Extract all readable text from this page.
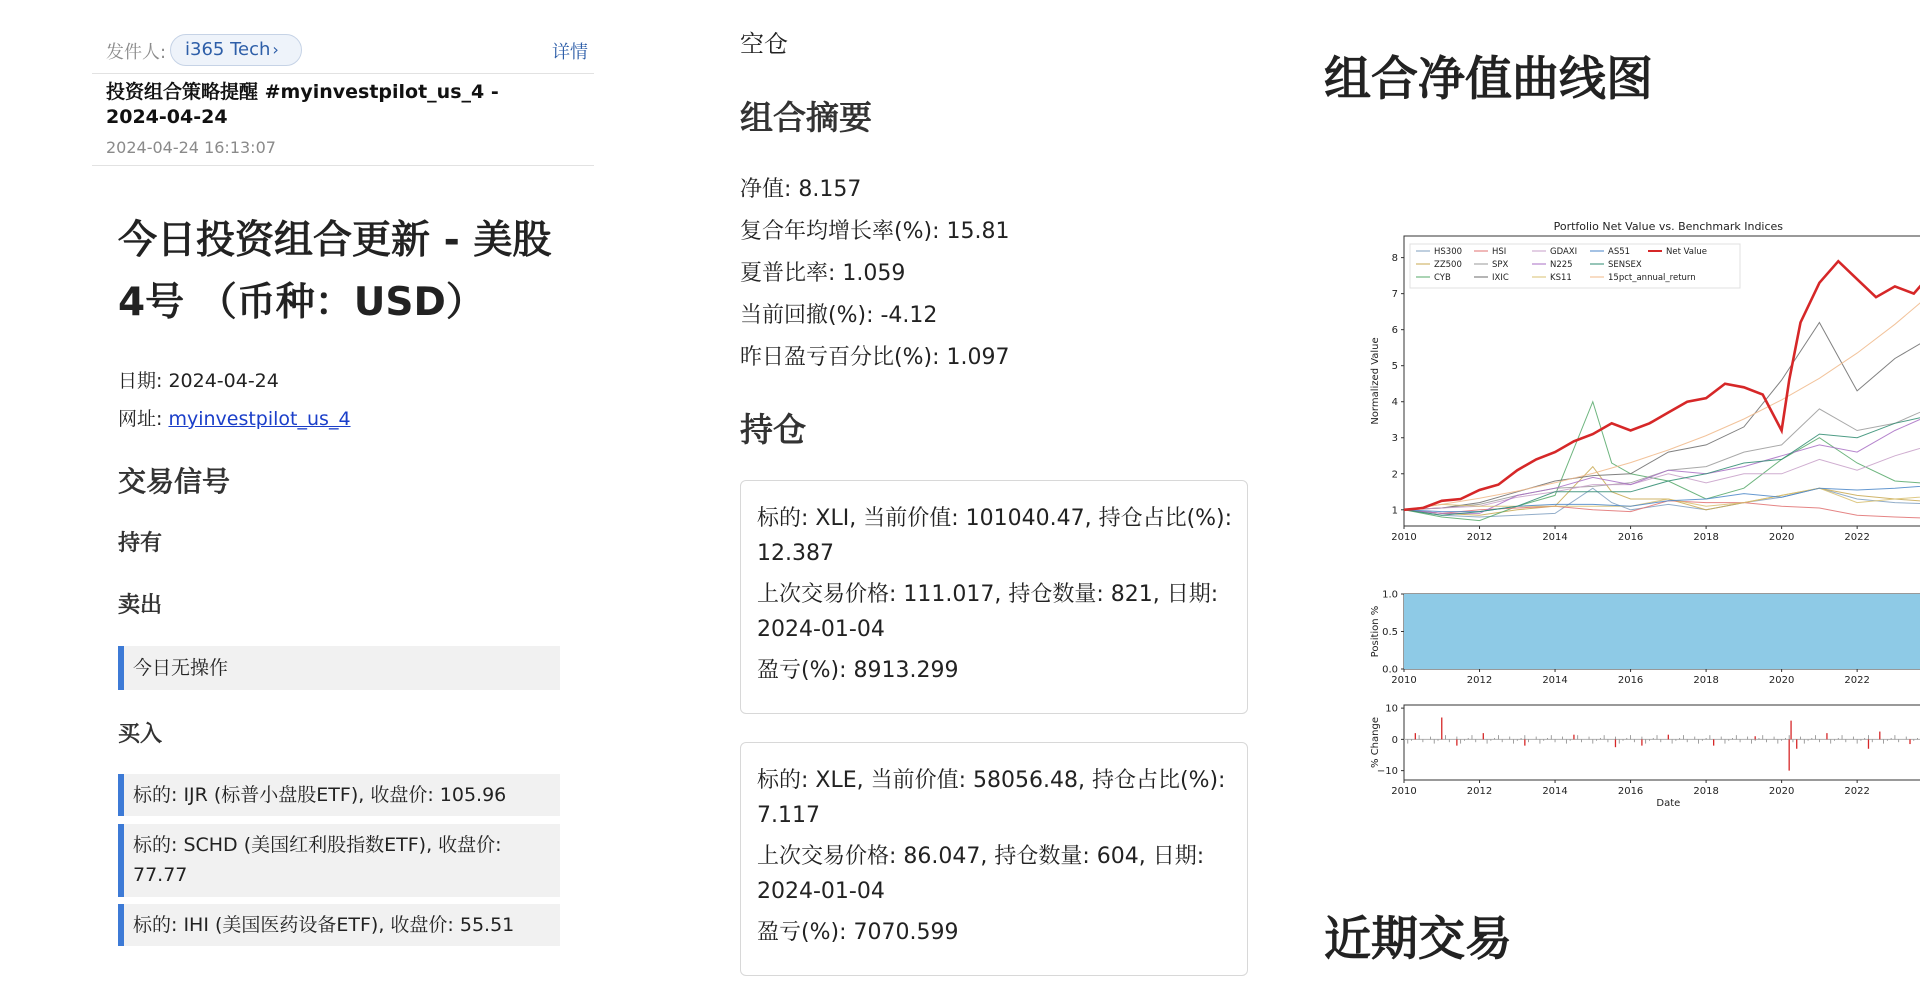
发件人:	i365 Tech ›	详情
投资组合策略提醒 #myinvestpilot_us_4 - 2024-04-24
2024-04-24 16:13:07
今日投资组合更新 - 美股4号 （币种：USD）
日期: 2024-04-24
网址: myinvestpilot_us_4
交易信号
持有
卖出
今日无操作
买入
标的: IJR (标普小盘股ETF), 收盘价: 105.96
标的: SCHD (美国红利股指数ETF), 收盘价: 77.77
标的: IHI (美国医药设备ETF), 收盘价: 55.51
空仓
组合摘要
净值: 8.157
复合年均增长率(%): 15.81
夏普比率: 1.059
当前回撤(%): -4.12
昨日盈亏百分比(%): 1.097
持仓

标的: XLI, 当前价值: 101040.47, 持仓占比(%): 12.387

上次交易价格: 111.017, 持仓数量: 821, 日期: 2024-01-04

盈亏(%): 8913.299

标的: XLE, 当前价值: 58056.48, 持仓占比(%): 7.117

上次交易价格: 86.047, 持仓数量: 604, 日期: 2024-01-04

盈亏(%): 7070.599

组合净值曲线图
2010	2012	2014	2016	2018	2020	2022
1
2
3
4
5
6
7
8
Normalized Value
Portfolio Net Value vs. Benchmark Indices
HS300
ZZ500
CYB
HSI
SPX
IXIC
GDAXI
N225
KS11
AS51
SENSEX
15pct_annual_return
Net Value
2010	2012	2014	2016	2018	2020	2022
0.0
0.5
1.0
Position %
2010	2012	2014	2016	2018	2020	2022
10
0
−10
% Change
Date
近期交易
